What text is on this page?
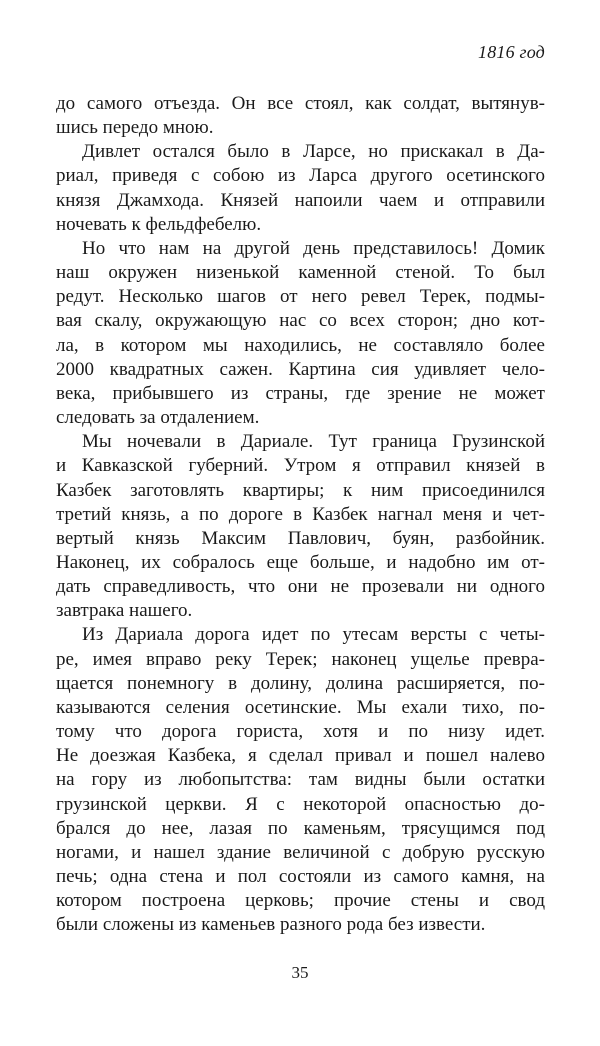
1816 год
до самого отъезда. Он все стоял, как солдат, вытянув-
шись передо мною.
Дивлет остался было в Ларсе, но прискакал в Да-
риал, приведя с собою из Ларса другого осетинского
князя Джамхода. Князей напоили чаем и отправили
ночевать к фельдфебелю.
Но что нам на другой день представилось! Домик
наш окружен низенькой каменной стеной. То был
редут. Несколько шагов от него ревел Терек, подмы-
вая скалу, окружающую нас со всех сторон; дно кот-
ла, в котором мы находились, не составляло более
2000 квадратных сажен. Картина сия удивляет чело-
века, прибывшего из страны, где зрение не может
следовать за отдалением.
Мы ночевали в Дариале. Тут граница Грузинской
и Кавказской губерний. Утром я отправил князей в
Казбек заготовлять квартиры; к ним присоединился
третий князь, а по дороге в Казбек нагнал меня и чет-
вертый князь Максим Павлович, буян, разбойник.
Наконец, их собралось еще больше, и надобно им от-
дать справедливость, что они не прозевали ни одного
завтрака нашего.
Из Дариала дорога идет по утесам версты с четы-
ре, имея вправо реку Терек; наконец ущелье превра-
щается понемногу в долину, долина расширяется, по-
казываются селения осетинские. Мы ехали тихо, по-
тому что дорога гориста, хотя и по низу идет.
Не доезжая Казбека, я сделал привал и пошел налево
на гору из любопытства: там видны были остатки
грузинской церкви. Я с некоторой опасностью до-
брался до нее, лазая по каменьям, трясущимся под
ногами, и нашел здание величиной с добрую русскую
печь; одна стена и пол состояли из самого камня, на
котором построена церковь; прочие стены и свод
были сложены из каменьев разного рода без извести.
35
